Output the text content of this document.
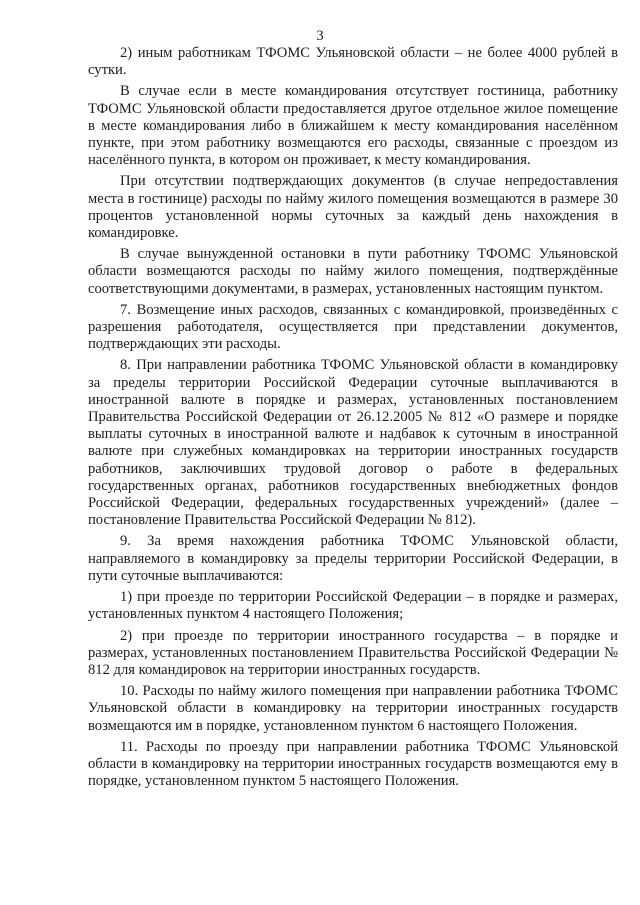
3

2) иным работникам ТФОМС Ульяновской области – не более 4000 рублей в сутки.

В случае если в месте командирования отсутствует гостиница, работнику ТФОМС Ульяновской области предоставляется другое отдельное жилое помещение в месте командирования либо в ближайшем к месту командирования населённом пункте, при этом работнику возмещаются его расходы, связанные с проездом из населённого пункта, в котором он проживает, к месту командирования.

При отсутствии подтверждающих документов (в случае непредоставления места в гостинице) расходы по найму жилого помещения возмещаются в размере 30 процентов установленной нормы суточных за каждый день нахождения в командировке.

В случае вынужденной остановки в пути работнику ТФОМС Ульяновской области возмещаются расходы по найму жилого помещения, подтверждённые соответствующими документами, в размерах, установленных настоящим пунктом.

7. Возмещение иных расходов, связанных с командировкой, произведённых с разрешения работодателя, осуществляется при представлении документов, подтверждающих эти расходы.

8. При направлении работника ТФОМС Ульяновской области в командировку за пределы территории Российской Федерации суточные выплачиваются в иностранной валюте в порядке и размерах, установленных постановлением Правительства Российской Федерации от 26.12.2005 № 812 «О размере и порядке выплаты суточных в иностранной валюте и надбавок к суточным в иностранной валюте при служебных командировках на территории иностранных государств работников, заключивших трудовой договор о работе в федеральных государственных органах, работников государственных внебюджетных фондов Российской Федерации, федеральных государственных учреждений» (далее – постановление Правительства Российской Федерации № 812).

9. За время нахождения работника ТФОМС Ульяновской области, направляемого в командировку за пределы территории Российской Федерации, в пути суточные выплачиваются:

1) при проезде по территории Российской Федерации – в порядке и размерах, установленных пунктом 4 настоящего Положения;

2) при проезде по территории иностранного государства – в порядке и размерах, установленных постановлением Правительства Российской Федерации № 812 для командировок на территории иностранных государств.

10. Расходы по найму жилого помещения при направлении работника ТФОМС Ульяновской области в командировку на территории иностранных государств возмещаются им в порядке, установленном пунктом 6 настоящего Положения.

11. Расходы по проезду при направлении работника ТФОМС Ульяновской области в командировку на территории иностранных государств возмещаются ему в порядке, установленном пунктом 5 настоящего Положения.
